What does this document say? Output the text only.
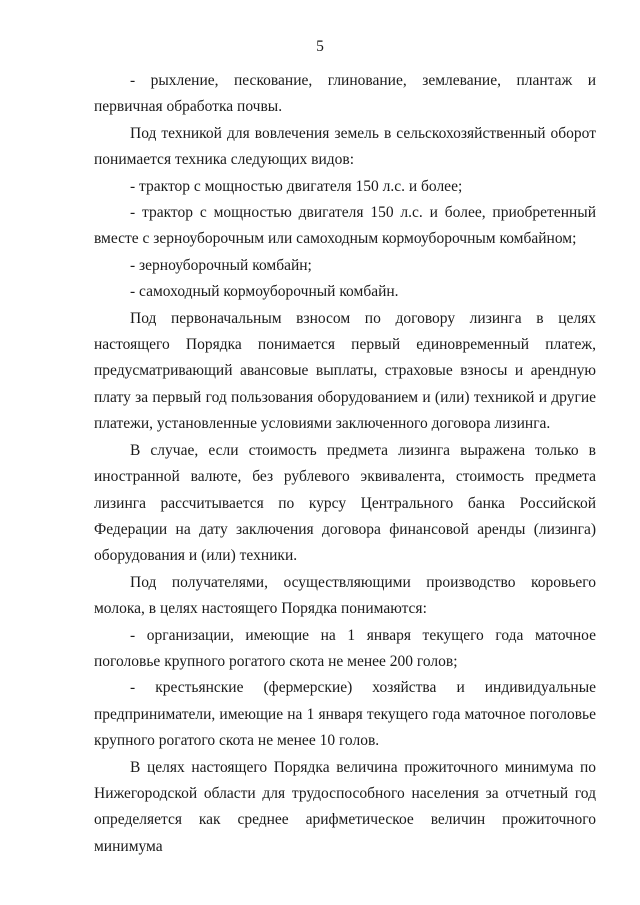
5

- рыхление, пескование, глинование, землевание, плантаж и первичная обработка почвы.

Под техникой для вовлечения земель в сельскохозяйственный оборот понимается техника следующих видов:

- трактор с мощностью двигателя 150 л.с. и более;

- трактор с мощностью двигателя 150 л.с. и более, приобретенный вместе с зерноуборочным или самоходным кормоуборочным комбайном;

- зерноуборочный комбайн;

- самоходный кормоуборочный комбайн.

Под первоначальным взносом по договору лизинга в целях настоящего Порядка понимается первый единовременный платеж, предусматривающий авансовые выплаты, страховые взносы и арендную плату за первый год пользования оборудованием и (или) техникой и другие платежи, установленные условиями заключенного договора лизинга.

В случае, если стоимость предмета лизинга выражена только в иностранной валюте, без рублевого эквивалента, стоимость предмета лизинга рассчитывается по курсу Центрального банка Российской Федерации на дату заключения договора финансовой аренды (лизинга) оборудования и (или) техники.

Под получателями, осуществляющими производство коровьего молока, в целях настоящего Порядка понимаются:

- организации, имеющие на 1 января текущего года маточное поголовье крупного рогатого скота не менее 200 голов;

- крестьянские (фермерские) хозяйства и индивидуальные предприниматели, имеющие на 1 января текущего года маточное поголовье крупного рогатого скота не менее 10 голов.

В целях настоящего Порядка величина прожиточного минимума по Нижегородской области для трудоспособного населения за отчетный год определяется как среднее арифметическое величин прожиточного минимума
